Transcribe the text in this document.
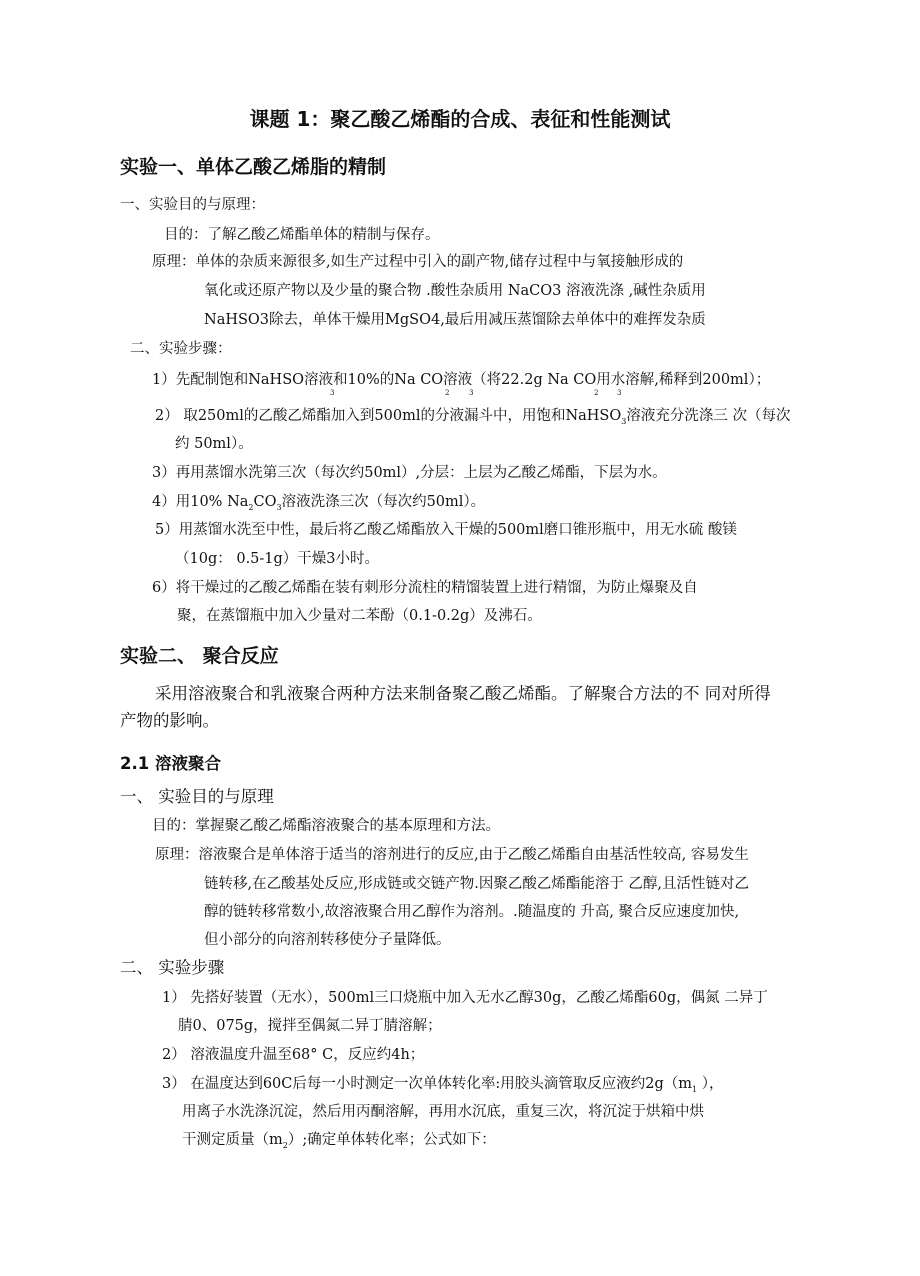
课题 1：聚乙酸乙烯酯的合成、表征和性能测试
实验一、单体乙酸乙烯脂的精制
一、实验目的与原理：
目的：了解乙酸乙烯酯单体的精制与保存。
原理：单体的杂质来源很多,如生产过程中引入的副产物,储存过程中与氧接触形成的
氧化或还原产物以及少量的聚合物 .酸性杂质用 NaCO3 溶液洗涤 ,碱性杂质用
NaHSO3除去，单体干燥用MgSO4,最后用减压蒸馏除去单体中的难挥发杂质
二、实验步骤：
1）先配制饱和NaHSO溶液和10%的Na CO溶液（将22.2g Na CO用水溶解,稀释到200ml）；
3	2	3	2	3
2） 取250ml的乙酸乙烯酯加入到500ml的分液漏斗中，用饱和NaHSO$_3$溶液充分洗涤三 次（每次
约 50ml）。
3）再用蒸馏水洗第三次（每次约50ml）,分层：上层为乙酸乙烯酯，下层为水。
4）用10% $Na_2CO_3$溶液洗涤三次（每次约50ml）。
5）用蒸馏水洗至中性，最后将乙酸乙烯酯放入干燥的500ml磨口锥形瓶中，用无水硫 酸镁
（10g： 0.5-1g）干燥3小时。
6）将干燥过的乙酸乙烯酯在装有刺形分流柱的精馏装置上进行精馏，为防止爆聚及自
聚，在蒸馏瓶中加入少量对二苯酚（0.1-0.2g）及沸石。
实验二、 聚合反应
采用溶液聚合和乳液聚合两种方法来制备聚乙酸乙烯酯。了解聚合方法的不 同对所得
产物的影响。
2.1 溶液聚合
一、 实验目的与原理
目的：掌握聚乙酸乙烯酯溶液聚合的基本原理和方法。
原理：溶液聚合是单体溶于适当的溶剂进行的反应,由于乙酸乙烯酯自由基活性较高, 容易发生
链转移,在乙酸基处反应,形成链或交链产物.因聚乙酸乙烯酯能溶于 乙醇,且活性链对乙
醇的链转移常数小,故溶液聚合用乙醇作为溶剂。.随温度的 升高, 聚合反应速度加快,
但小部分的向溶剂转移使分子量降低。
二、 实验步骤
1） 先搭好装置（无水），500ml三口烧瓶中加入无水乙醇30g，乙酸乙烯酯60g，偶氮 二异丁
腈0、075g，搅拌至偶氮二异丁腈溶解；
2） 溶液温度升温至68° C，反应约4h；
3） 在温度达到60C后每一小时测定一次单体转化率:用胶头滴管取反应液约$2g(m_1$ ），
用离子水洗涤沉淀，然后用丙酮溶解，再用水沉底，重复三次，将沉淀于烘箱中烘
干测定质量$(m_2)$;确定单体转化率；公式如下：
